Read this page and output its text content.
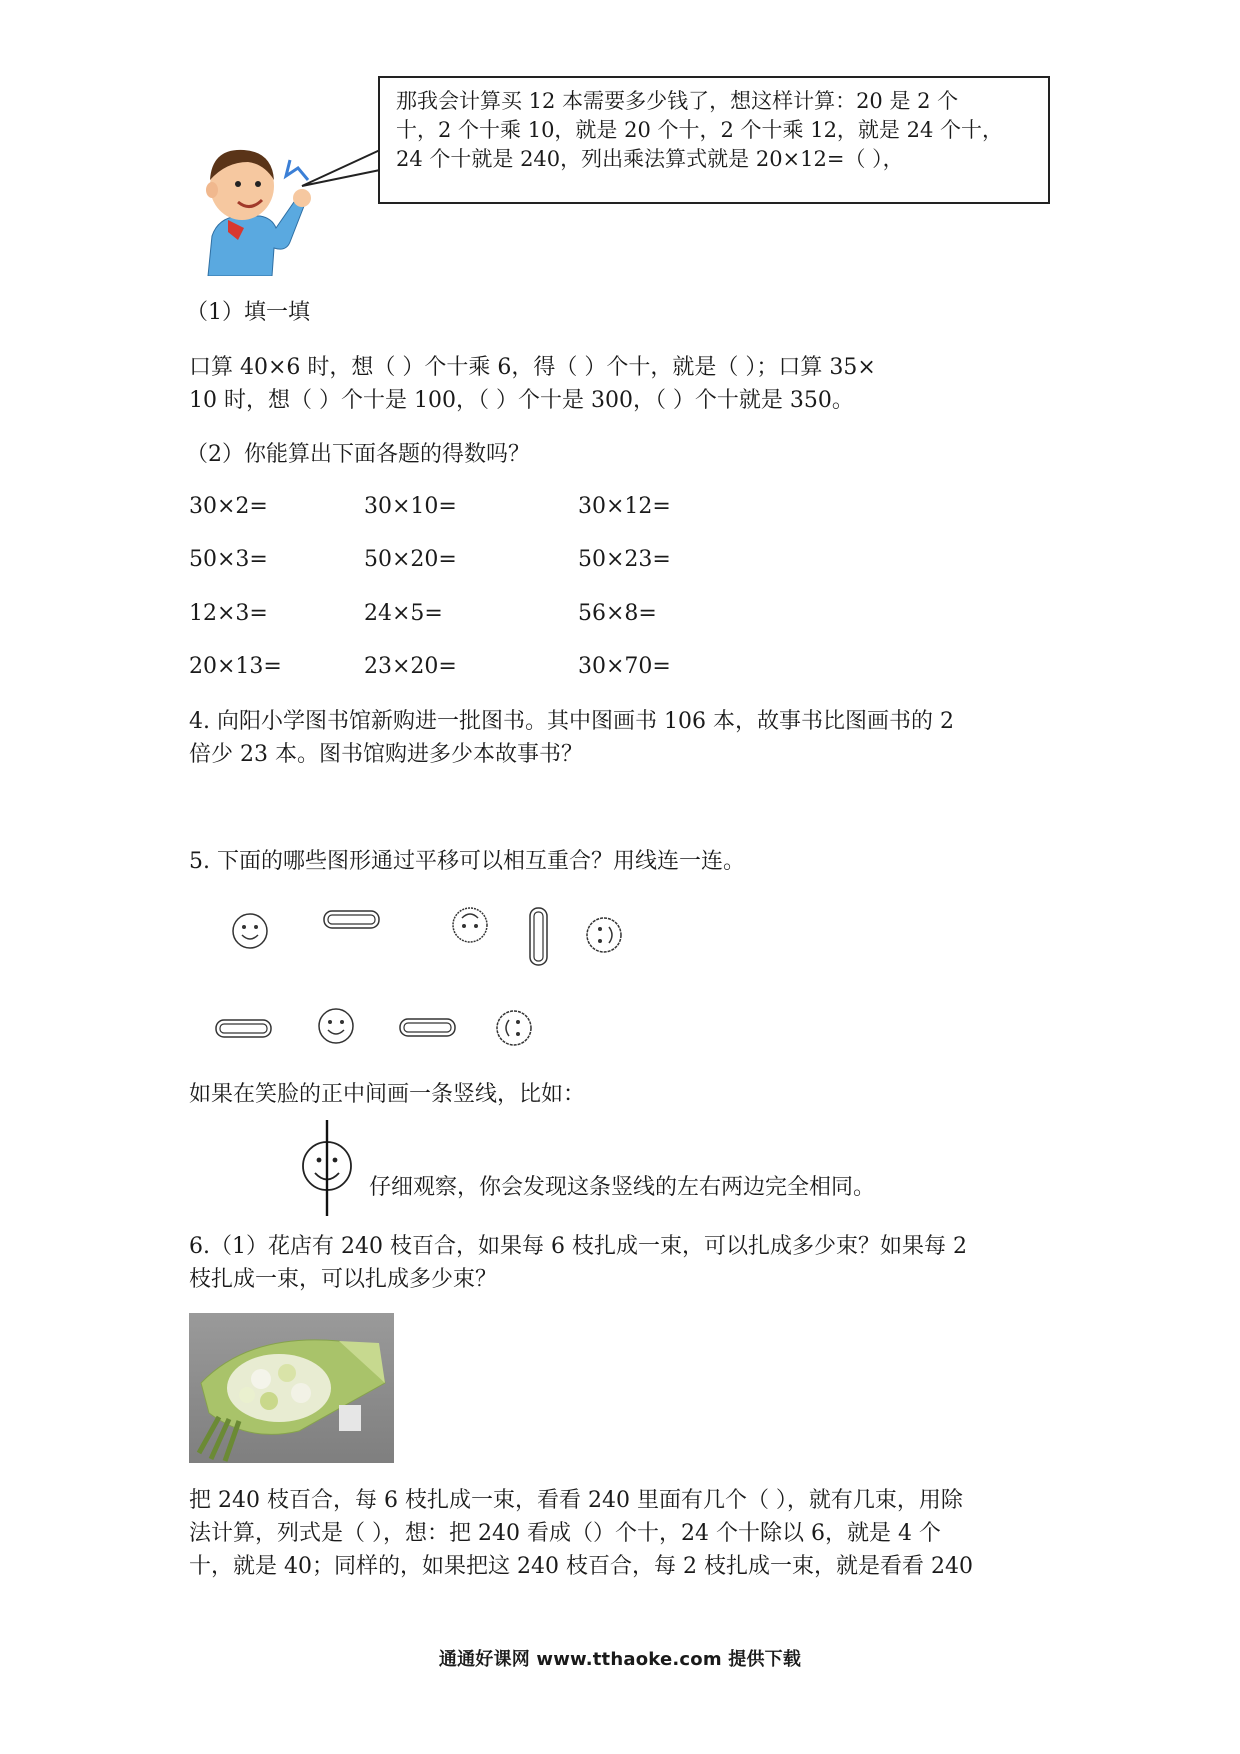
那我会计算买 12 本需要多少钱了，想这样计算：20 是 2 个
十，2 个十乘 10，就是 20 个十，2 个十乘 12，就是 24 个十，
24 个十就是 240，列出乘法算式就是 20×12=（ ），
（1）填一填
口算 40×6 时，想（ ）个十乘 6，得（ ）个十，就是（ ）；口算 35×
10 时，想（ ）个十是 100，（ ）个十是 300，（ ）个十就是 350。
（2）你能算出下面各题的得数吗？
30×2=	30×10=	30×12=
50×3=	50×20=	50×23=
12×3=	24×5=	56×8=
20×13=	23×20=	30×70=
4. 向阳小学图书馆新购进一批图书。其中图画书 106 本，故事书比图画书的 2
倍少 23 本。图书馆购进多少本故事书？
5. 下面的哪些图形通过平移可以相互重合？用线连一连。
如果在笑脸的正中间画一条竖线，比如：
仔细观察，你会发现这条竖线的左右两边完全相同。
6.（1）花店有 240 枝百合，如果每 6 枝扎成一束，可以扎成多少束？如果每 2
枝扎成一束，可以扎成多少束？
把 240 枝百合，每 6 枝扎成一束，看看 240 里面有几个（ ），就有几束，用除
法计算，列式是（ ），想：把 240 看成（）个十，24 个十除以 6，就是 4 个
十，就是 40；同样的，如果把这 240 枝百合，每 2 枝扎成一束，就是看看 240
通通好课网 www.tthaoke.com 提供下载
